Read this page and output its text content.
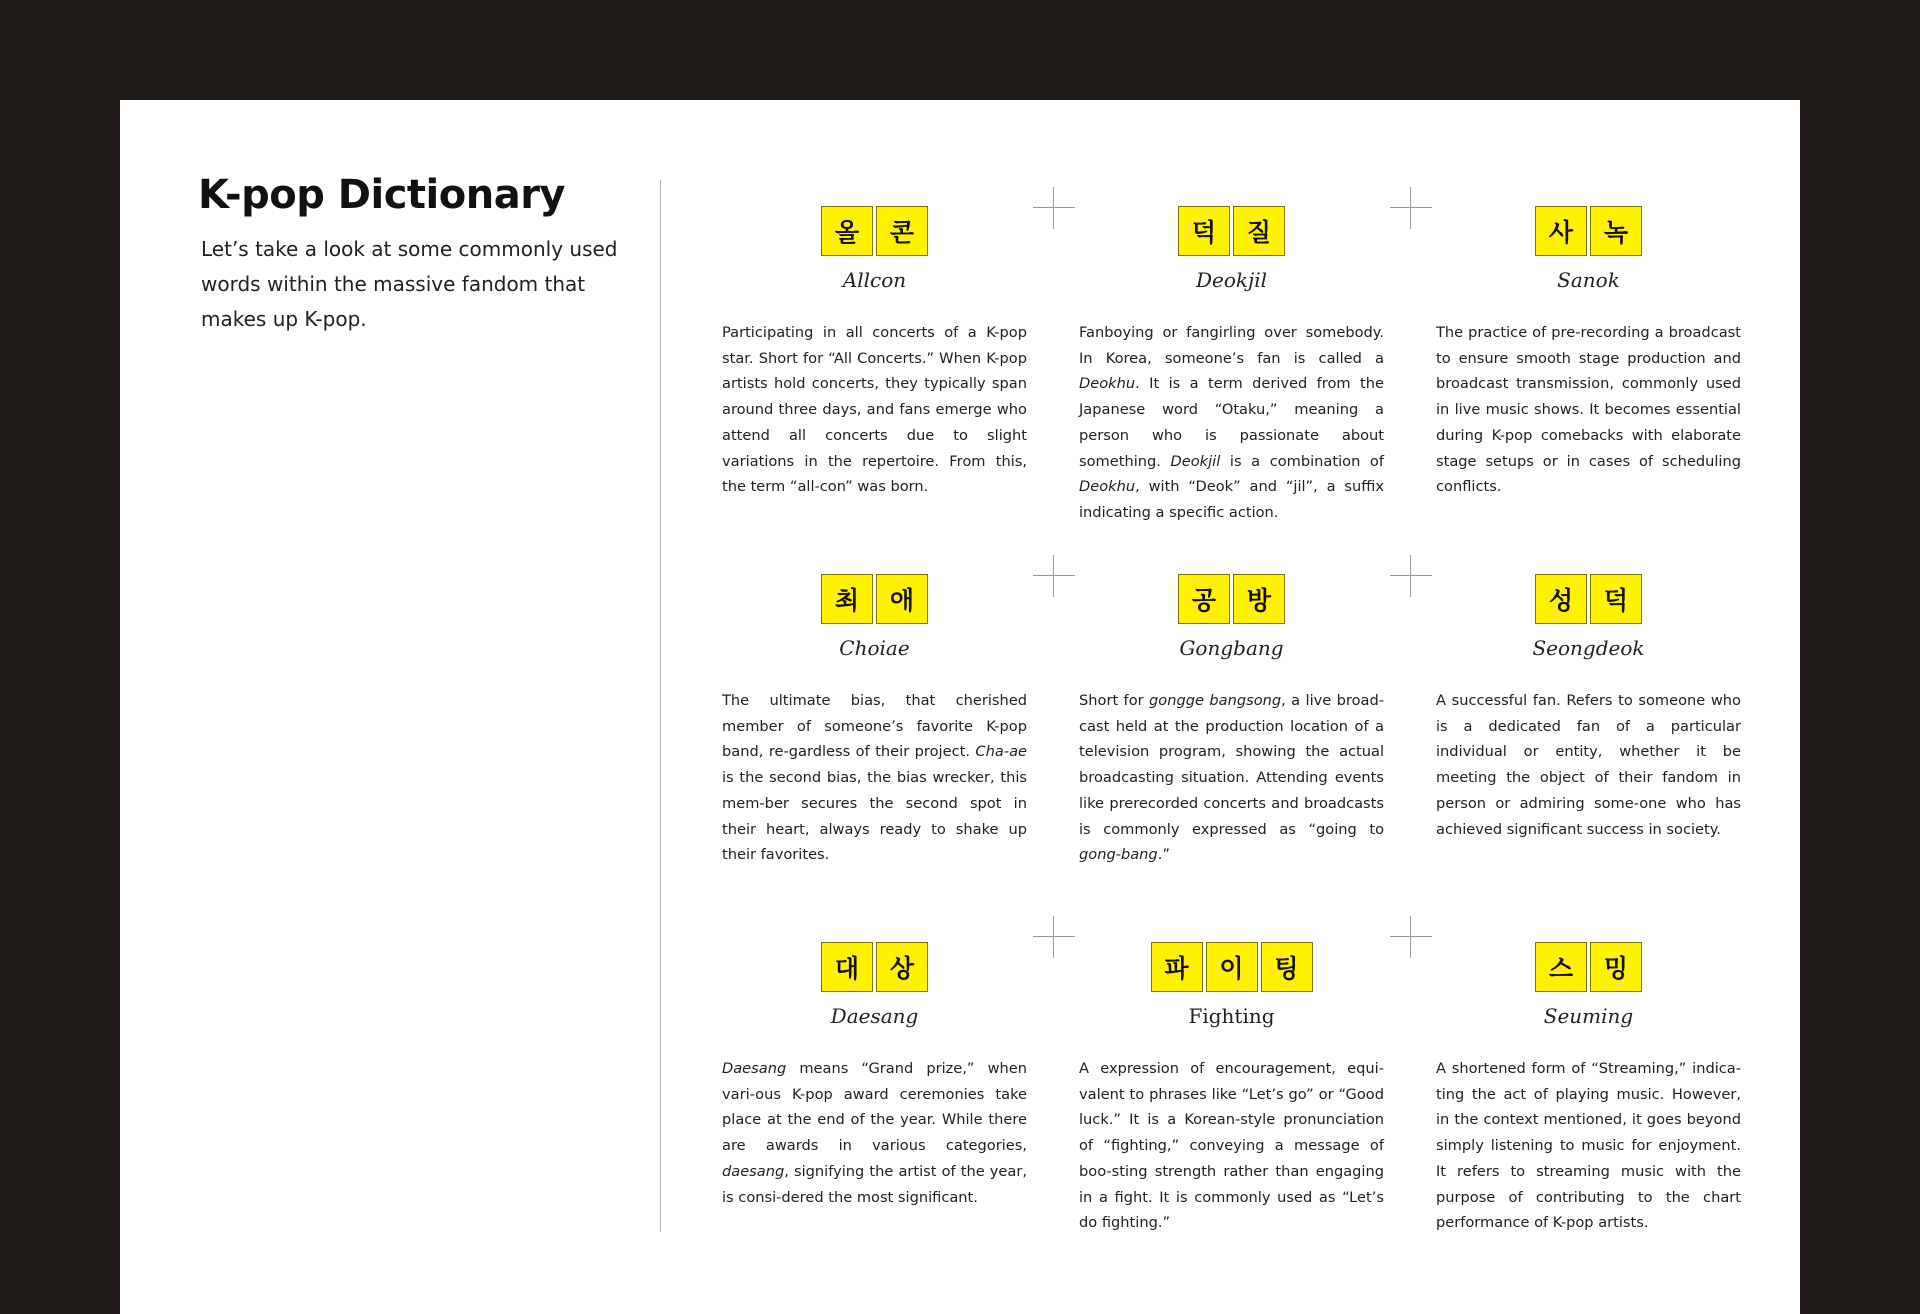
K-pop Dictionary

Let’s take a look at some commonly used words within the massive fandom that makes up K-pop.

올	콘
Allcon

Participating in all concerts of a K-pop star. Short for “All Concerts.” When K-pop artists hold concerts, they typically span around three days, and fans emerge who attend all concerts due to slight variations in the repertoire. From this, the term “all-con” was born.

덕	질
Deokjil

Fanboying or fangirling over somebody. In Korea, someone’s fan is called a Deokhu. It is a term derived from the Japanese word “Otaku,” meaning a person who is passionate about something. Deokjil is a combination of Deokhu, with “Deok” and “jil”, a suffix indicating a specific action.

사	녹
Sanok

The practice of pre-recording a broadcast to ensure smooth stage production and broadcast transmission, commonly used in live music shows. It becomes essential during K-pop comebacks with elaborate stage setups or in cases of scheduling conflicts.

최	애
Choiae

The ultimate bias, that cherished member of someone’s favorite K-pop band, re-gardless of their project. Cha-ae is the second bias, the bias wrecker, this mem-ber secures the second spot in their heart, always ready to shake up their favorites.

공	방
Gongbang

Short for gongge bangsong, a live broad-cast held at the production location of a television program, showing the actual broadcasting situation. Attending events like prerecorded concerts and broadcasts is commonly expressed as “going to gong-bang.”

성	덕
Seongdeok

A successful fan. Refers to someone who is a dedicated fan of a particular individual or entity, whether it be meeting the object of their fandom in person or admiring some-one who has achieved significant success in society.

대	상
Daesang

Daesang means “Grand prize,” when vari-ous K-pop award ceremonies take place at the end of the year. While there are awards in various categories, daesang, signifying the artist of the year, is consi-dered the most significant.

파	이	팅
Fighting

A expression of encouragement, equi-valent to phrases like “Let’s go” or “Good luck.” It is a Korean-style pronunciation of “fighting,” conveying a message of boo-sting strength rather than engaging in a fight. It is commonly used as “Let’s do fighting.”

스	밍
Seuming

A shortened form of “Streaming,” indica-ting the act of playing music. However, in the context mentioned, it goes beyond simply listening to music for enjoyment. It refers to streaming music with the purpose of contributing to the chart performance of K-pop artists.
